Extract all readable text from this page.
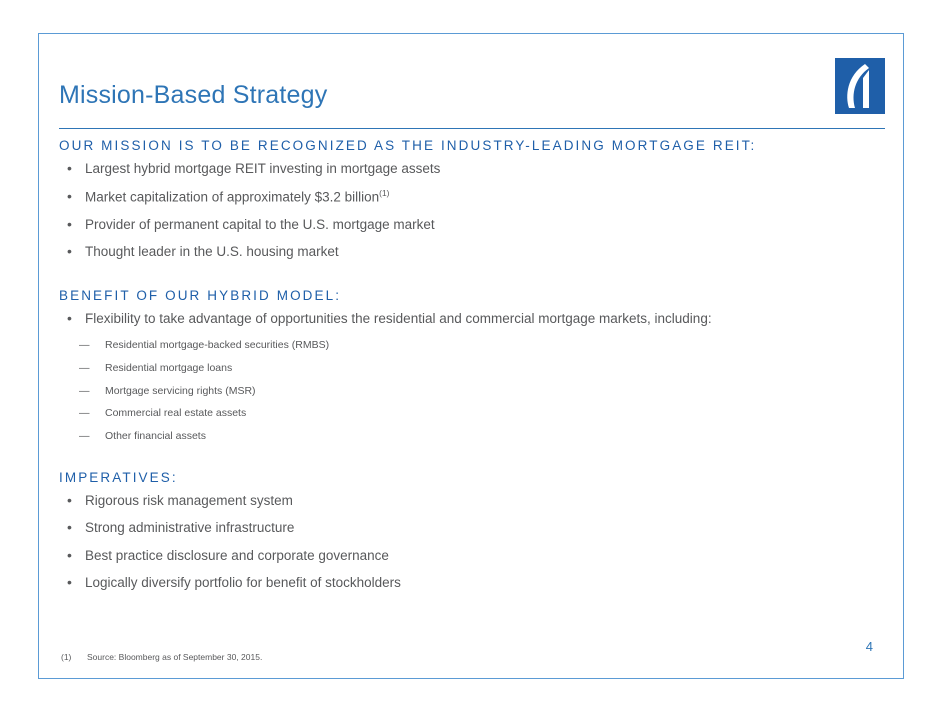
Mission-Based Strategy
OUR MISSION IS TO BE RECOGNIZED AS THE INDUSTRY-LEADING MORTGAGE REIT:
• Largest hybrid mortgage REIT investing in mortgage assets
• Market capitalization of approximately $3.2 billion$^{(1)}$
• Provider of permanent capital to the U.S. mortgage market
• Thought leader in the U.S. housing market
BENEFIT OF OUR HYBRID MODEL:
• Flexibility to take advantage of opportunities the residential and commercial mortgage markets, including:
— Residential mortgage-backed securities (RMBS)
— Residential mortgage loans
— Mortgage servicing rights (MSR)
— Commercial real estate assets
— Other financial assets
IMPERATIVES:
• Rigorous risk management system
• Strong administrative infrastructure
• Best practice disclosure and corporate governance
• Logically diversify portfolio for benefit of stockholders
(1) Source: Bloomberg as of September 30, 2015.
4
